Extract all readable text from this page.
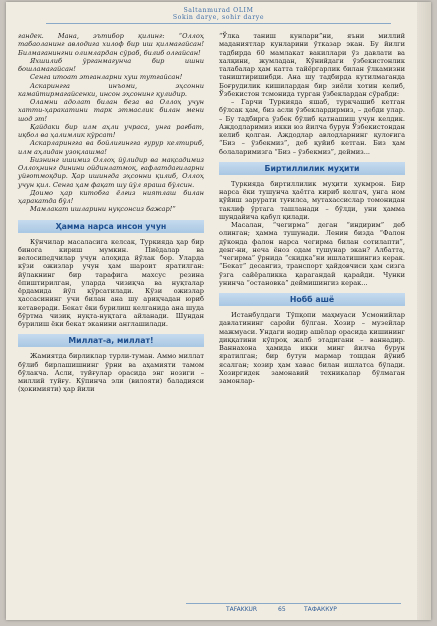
Saltanmurad OLIM
Sokin darye, sohir darye

гандек. Мана, эътибор қилинг: “Оллоҳ табаоланинг авлодига хилоф бир иш қилмагайсан! Билмаганингни олимлардан сўраб, билиб олгайсан!

Яхшилиб ўрганмагунча бир ишни бошламагайсан!

Сенга итоат этганларни хуш тутгайсан!

Аскарингга инъоми, эҳсонни камайтирмагайсенки, инсон эҳсонинг қулидир.

Оламни адолат билан беза ва Оллоҳ учун хатти-ҳаракатини тарк этмаслик билан мени шод эт!

Қайдаки бир илм аҳли учраса, унга рағбат, иқбол ва ҳалимлик кўрсат!

Аскарларингга ва бойлигингга ғурур келтириб, илм аҳлидан узоқлашма!

Бизнинг ишимиз Оллоҳ йўлидир ва мақсадимиз Оллоҳнинг динини ойдинлатмоқ, ғафлатдагиларни уйғотмоқдир. Ҳар ишингда эҳсонни қилиб, Оллоҳ учун қил. Сенга ҳам фақат шу йўл яраша бўлсин.

Доимо ҳар китобга ёлғиз ниятлаш билан ҳаракатда бўл!

Мамлакат ишларини нуқсонсиз бажар!”

Ҳамма нарса инсон учун

Кўнчилар масаласига келсак, Туркияда ҳар бир бинога кириш мумкин. Пиёдалар ва велосипедчилар учун алоҳида йўлак бор. Уларда кўзи ожизлар учун ҳам шароит яратилган: йўлакнинг бир тарафига махсус резина ёпиштирилган, уларда чизиқча ва нуқталар ёрдамида йўл кўрсатилади. Кўзи ожизлар ҳассасининг учи билан ана шу ариқчадан юриб кетаверади. Бекат ёки бурилиш келганида ана шуда бўртма чизиқ нуқта-нуқтага айланади. Шундан бурилиш ёки бекат эканини англашилади.

Миллат-а, миллат!

Жамиятда бирликлар турли-туман. Аммо миллат бўлиб бирлашишнинг ўрни ва аҳамияти тамом бўлакча. Асли, туйғулар орасида энг нозиги – миллий туйғу. Кўпинча эли (вилояти) баладияси (ҳокимияти) ҳар йили

“Ўлка таниш кунлари”ни, яъни миллий маданиятлар кунларини ўтказар экан. Бу йилги тадбирда 60 мамлакат вакиллари ўз давлати ва халқини, жумладан, Кўнийдаги ўзбекистонлик талабалар ҳам катта тайёргарлик билан ўлкамизни таништиришибди. Ана шу тадбирда кутилмаганда Боғрудилик кишилардан бир зиёли хотин келиб, Ўзбекистон тсмонида турган ўзбеклардан сўрабди:

– Гарчи Туркияда яшаб, туркчашиб кетган бўлсак ҳам, биз асли ўзбеклардирмиз, – дебди улар. – Бу тадбирга ўзбек бўлиб қатнашиш учун келдик. Аждодларимиз икки юз йилча бурун Ўзбекистондан келиб қолган. Аждодлар авлодларнинг қулоғига “Биз – ўзбекмиз”, деб қуйиб кетган. Биз ҳам болаларимизга “Биз – ўзбекмиз”, деймиз...

Биртиллилик муҳити

Туркияда биртиллилик муҳити ҳукмрон. Бир нарса ёки тушунча ҳаётга кириб келгач, унга ном қўйиш зарурати туғилса, мутахассислар томонидан таклиф ўртага ташланади – бўлди, уни ҳамма шундайича қабул қилади.

Масалан, “чегирма” деган “индирим” деб олинган; ҳамма тушунади. Ленин бизда “Фалон дўконда фалон нарса чегирма билан сотилапти”, денг-ни, неча ёноз одам тушунар экан? Албатта, “чегирма” ўрнида “скидка”ни ишлатишингиз керак. “Бекат” десангиз, транспорт ҳайдовчиси ҳам сизга ўзга сайёраликка қарагандай қарайди. Чунки унинча “остановка” деймишингиз керак...

Нобб ашё

Истанбулдаги Тўпқопи маҳмуаси Усмонийлар давлатининг саройи бўлган. Хозир – музейлар мажмуаси. Ундаги нодир ашёлар орасида кишининг диққатини кўпроқ жалб этадигани – ваннадир. Ваннахона ҳамида икки минг йилча бурун яратилган; бир бутун мармар тошдан йўниб ясалган; хозир ҳам хавас билан ишлатса бўлади. Хозиргидек замонавий техникалар бўлмаган замонлар-

ТАFAKKUR	65	ТАФАККУР
